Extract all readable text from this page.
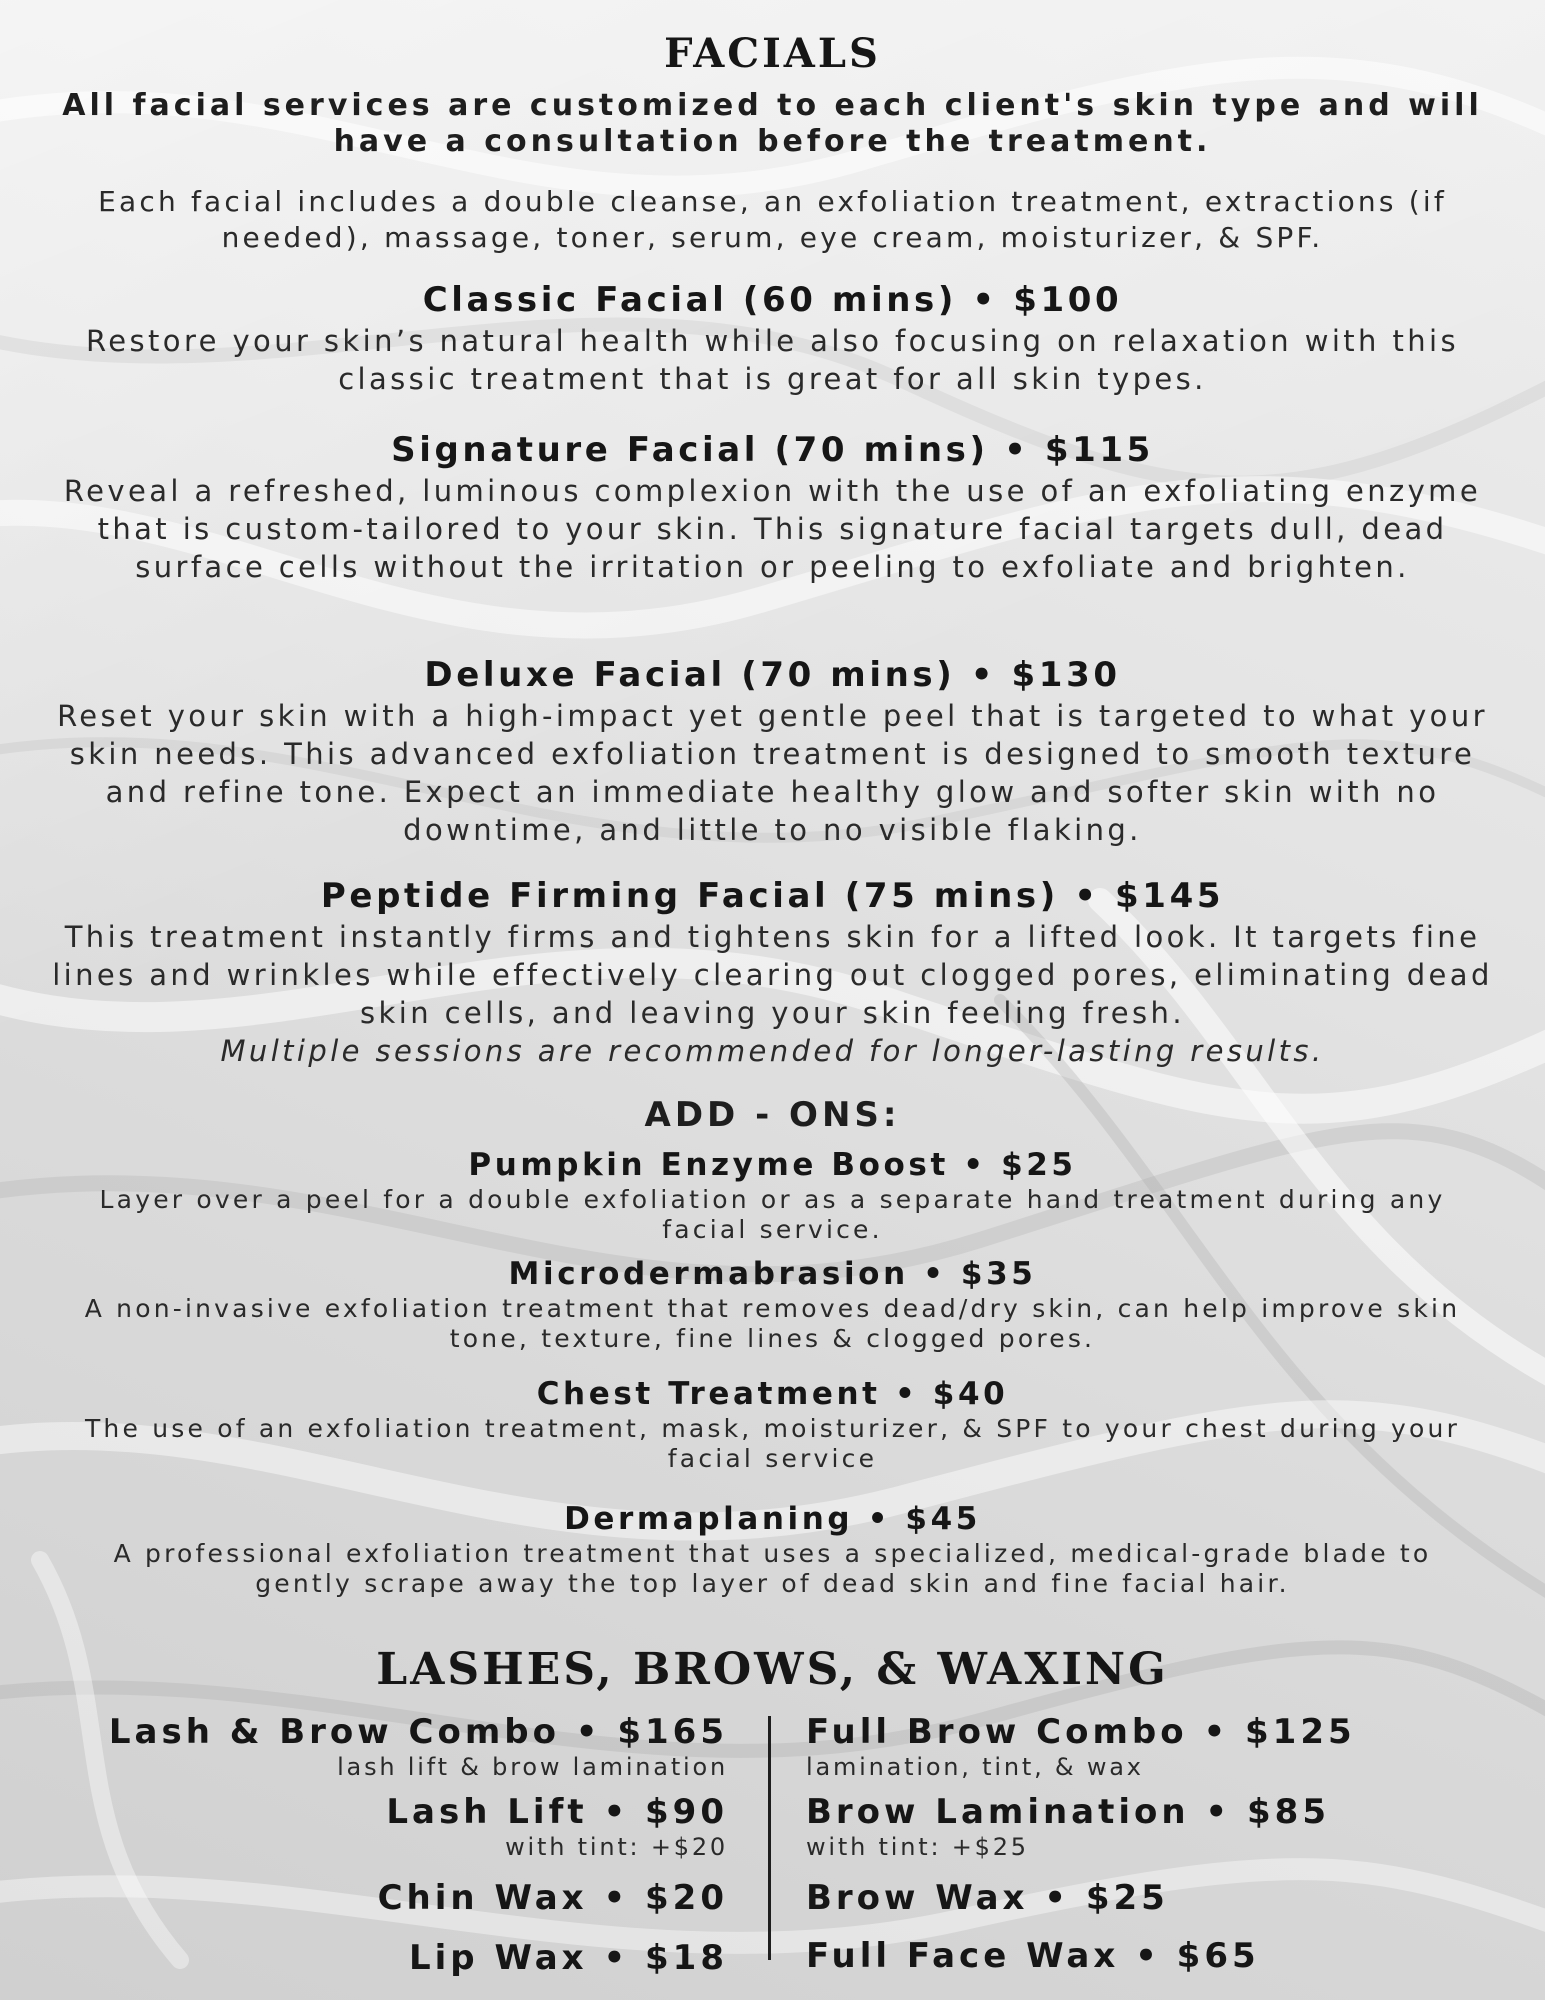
FACIALS
All facial services are customized to each client's skin type and will have a consultation before the treatment.
Each facial includes a double cleanse, an exfoliation treatment, extractions (if needed), massage, toner, serum, eye cream, moisturizer, & SPF.
Classic Facial (60 mins) • $100
Restore your skin’s natural health while also focusing on relaxation with this classic treatment that is great for all skin types.
Signature Facial (70 mins) • $115
Reveal a refreshed, luminous complexion with the use of an exfoliating enzyme that is custom-tailored to your skin. This signature facial targets dull, dead surface cells without the irritation or peeling to exfoliate and brighten.
Deluxe Facial (70 mins) • $130
Reset your skin with a high-impact yet gentle peel that is targeted to what your skin needs. This advanced exfoliation treatment is designed to smooth texture and refine tone. Expect an immediate healthy glow and softer skin with no downtime, and little to no visible flaking.
Peptide Firming Facial (75 mins) • $145
This treatment instantly firms and tightens skin for a lifted look. It targets fine lines and wrinkles while effectively clearing out clogged pores, eliminating dead skin cells, and leaving your skin feeling fresh.
Multiple sessions are recommended for longer-lasting results.
ADD - ONS:
Pumpkin Enzyme Boost • $25
Layer over a peel for a double exfoliation or as a separate hand treatment during any facial service.
Microdermabrasion • $35
A non-invasive exfoliation treatment that removes dead/dry skin, can help improve skin tone, texture, fine lines & clogged pores.
Chest Treatment • $40
The use of an exfoliation treatment, mask, moisturizer, & SPF to your chest during your facial service
Dermaplaning • $45
A professional exfoliation treatment that uses a specialized, medical-grade blade to gently scrape away the top layer of dead skin and fine facial hair.
LASHES, BROWS, & WAXING
Lash & Brow Combo • $165
lash lift & brow lamination
Lash Lift • $90
with tint: +$20
Chin Wax • $20
Lip Wax • $18
Full Brow Combo • $125
lamination, tint, & wax
Brow Lamination • $85
with tint: +$25
Brow Wax • $25
Full Face Wax • $65
